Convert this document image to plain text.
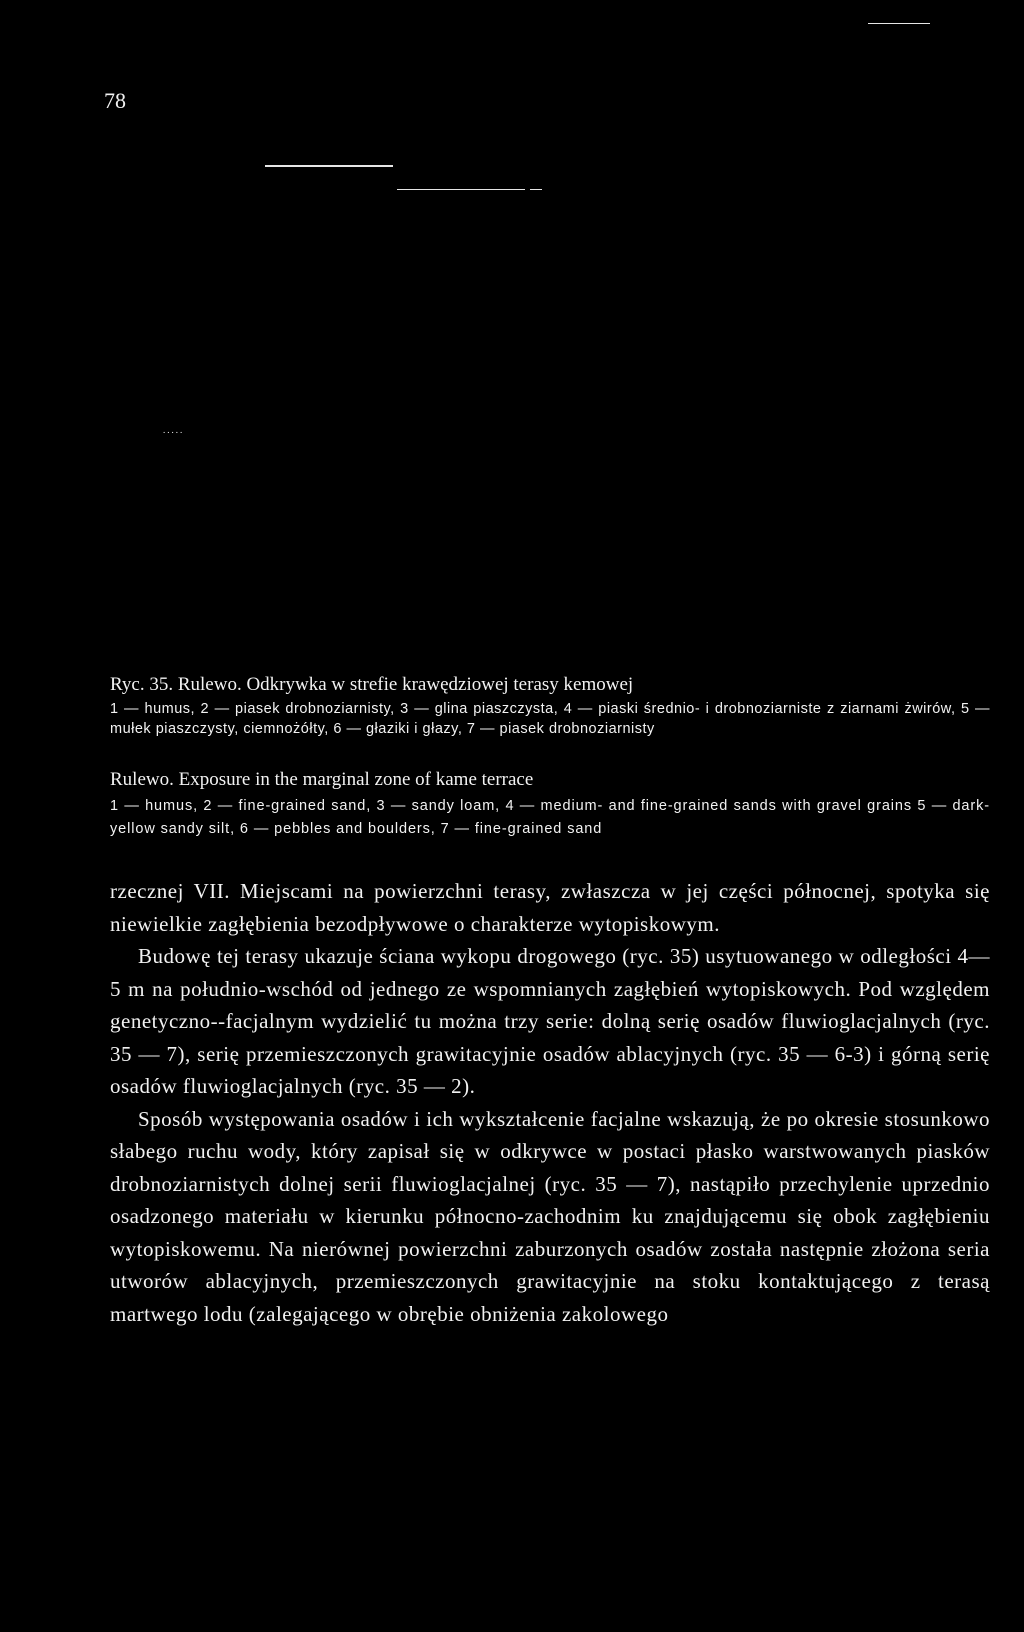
78
.....
Ryc. 35. Rulewo. Odkrywka w strefie krawędziowej terasy kemowej
1 — humus, 2 — piasek drobnoziarnisty, 3 — glina piaszczysta, 4 — piaski średnio- i drobnoziarniste z ziarnami żwirów, 5 — mułek piaszczysty, ciemnożółty, 6 — głaziki i głazy, 7 — piasek drobnoziarnisty
Rulewo. Exposure in the marginal zone of kame terrace
1 — humus, 2 — fine-grained sand, 3 — sandy loam, 4 — medium- and fine-grained sands with gravel grains 5 — dark-yellow sandy silt, 6 — pebbles and boulders, 7 — fine-grained sand

rzecznej VII. Miejscami na powierzchni terasy, zwłaszcza w jej części północnej, spotyka się niewielkie zagłębienia bezodpływowe o charakterze wytopiskowym.

Budowę tej terasy ukazuje ściana wykopu drogowego (ryc. 35) usytuowanego w odległości 4—5 m na południo-wschód od jednego ze wspomnianych zagłębień wytopiskowych. Pod względem genetyczno--facjalnym wydzielić tu można trzy serie: dolną serię osadów fluwioglacjalnych (ryc. 35 — 7), serię przemieszczonych grawitacyjnie osadów ablacyjnych (ryc. 35 — 6-3) i górną serię osadów fluwioglacjalnych (ryc. 35 — 2).

Sposób występowania osadów i ich wykształcenie facjalne wskazują, że po okresie stosunkowo słabego ruchu wody, który zapisał się w odkrywce w postaci płasko warstwowanych piasków drobnoziarnistych dolnej serii fluwioglacjalnej (ryc. 35 — 7), nastąpiło przechylenie uprzednio osadzonego materiału w kierunku północno-zachodnim ku znajdującemu się obok zagłębieniu wytopiskowemu. Na nierównej powierzchni zaburzonych osadów została następnie złożona seria utworów ablacyjnych, przemieszczonych grawitacyjnie na stoku kontaktującego z terasą martwego lodu (zalegającego w obrębie obniżenia zakolowego
